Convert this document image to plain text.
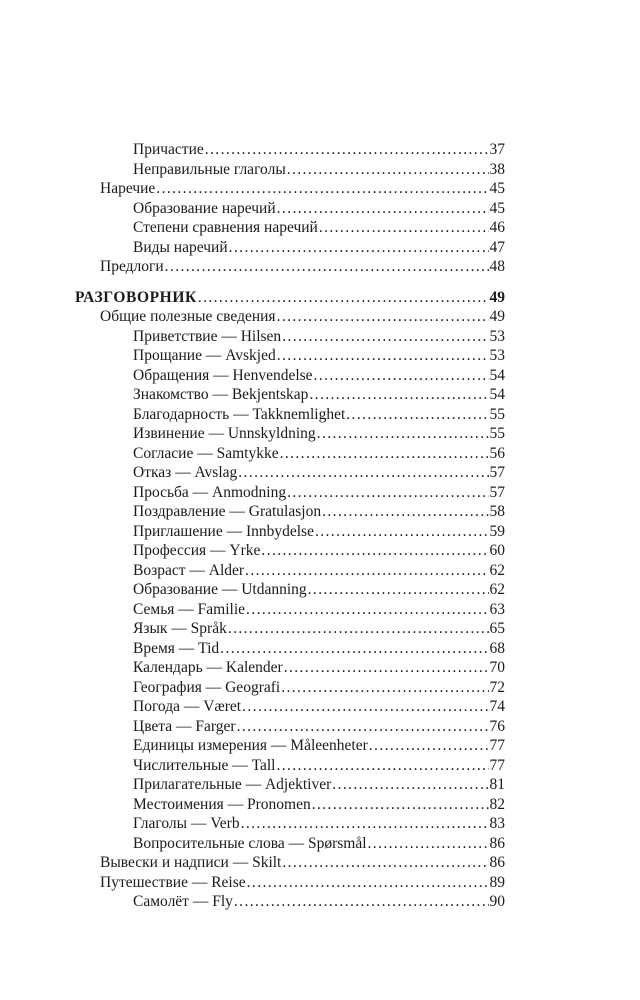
Причастие .....	37
Неправильные глаголы .....	38
Наречие .....	45
Образование наречий .....	45
Степени сравнения наречий .....	46
Виды наречий .....	47
Предлоги .....	48
РАЗГОВОРНИК .....	49
Общие полезные сведения .....	49
Приветствие — Hilsen .....	53
Прощание — Avskjed .....	53
Обращения — Henvendelse .....	54
Знакомство — Bekjentskap .....	54
Благодарность — Takknemlighet .....	55
Извинение — Unnskyldning .....	55
Согласие — Samtykke .....	56
Отказ — Avslag .....	57
Просьба — Anmodning .....	57
Поздравление — Gratulasjon .....	58
Приглашение — Innbydelse .....	59
Профессия — Yrke .....	60
Возраст — Alder .....	62
Образование — Utdanning .....	62
Семья — Familie .....	63
Язык — Språk .....	65
Время — Tid .....	68
Календарь — Kalender .....	70
География — Geografi .....	72
Погода — Været .....	74
Цвета — Farger .....	76
Единицы измерения — Måleenheter .....	77
Числительные — Tall .....	77
Прилагательные — Adjektiver .....	81
Местоимения — Pronomen .....	82
Глаголы — Verb .....	83
Вопросительные слова — Spørsmål .....	86
Вывески и надписи — Skilt .....	86
Путешествие — Reise .....	89
Самолёт — Fly .....	90
